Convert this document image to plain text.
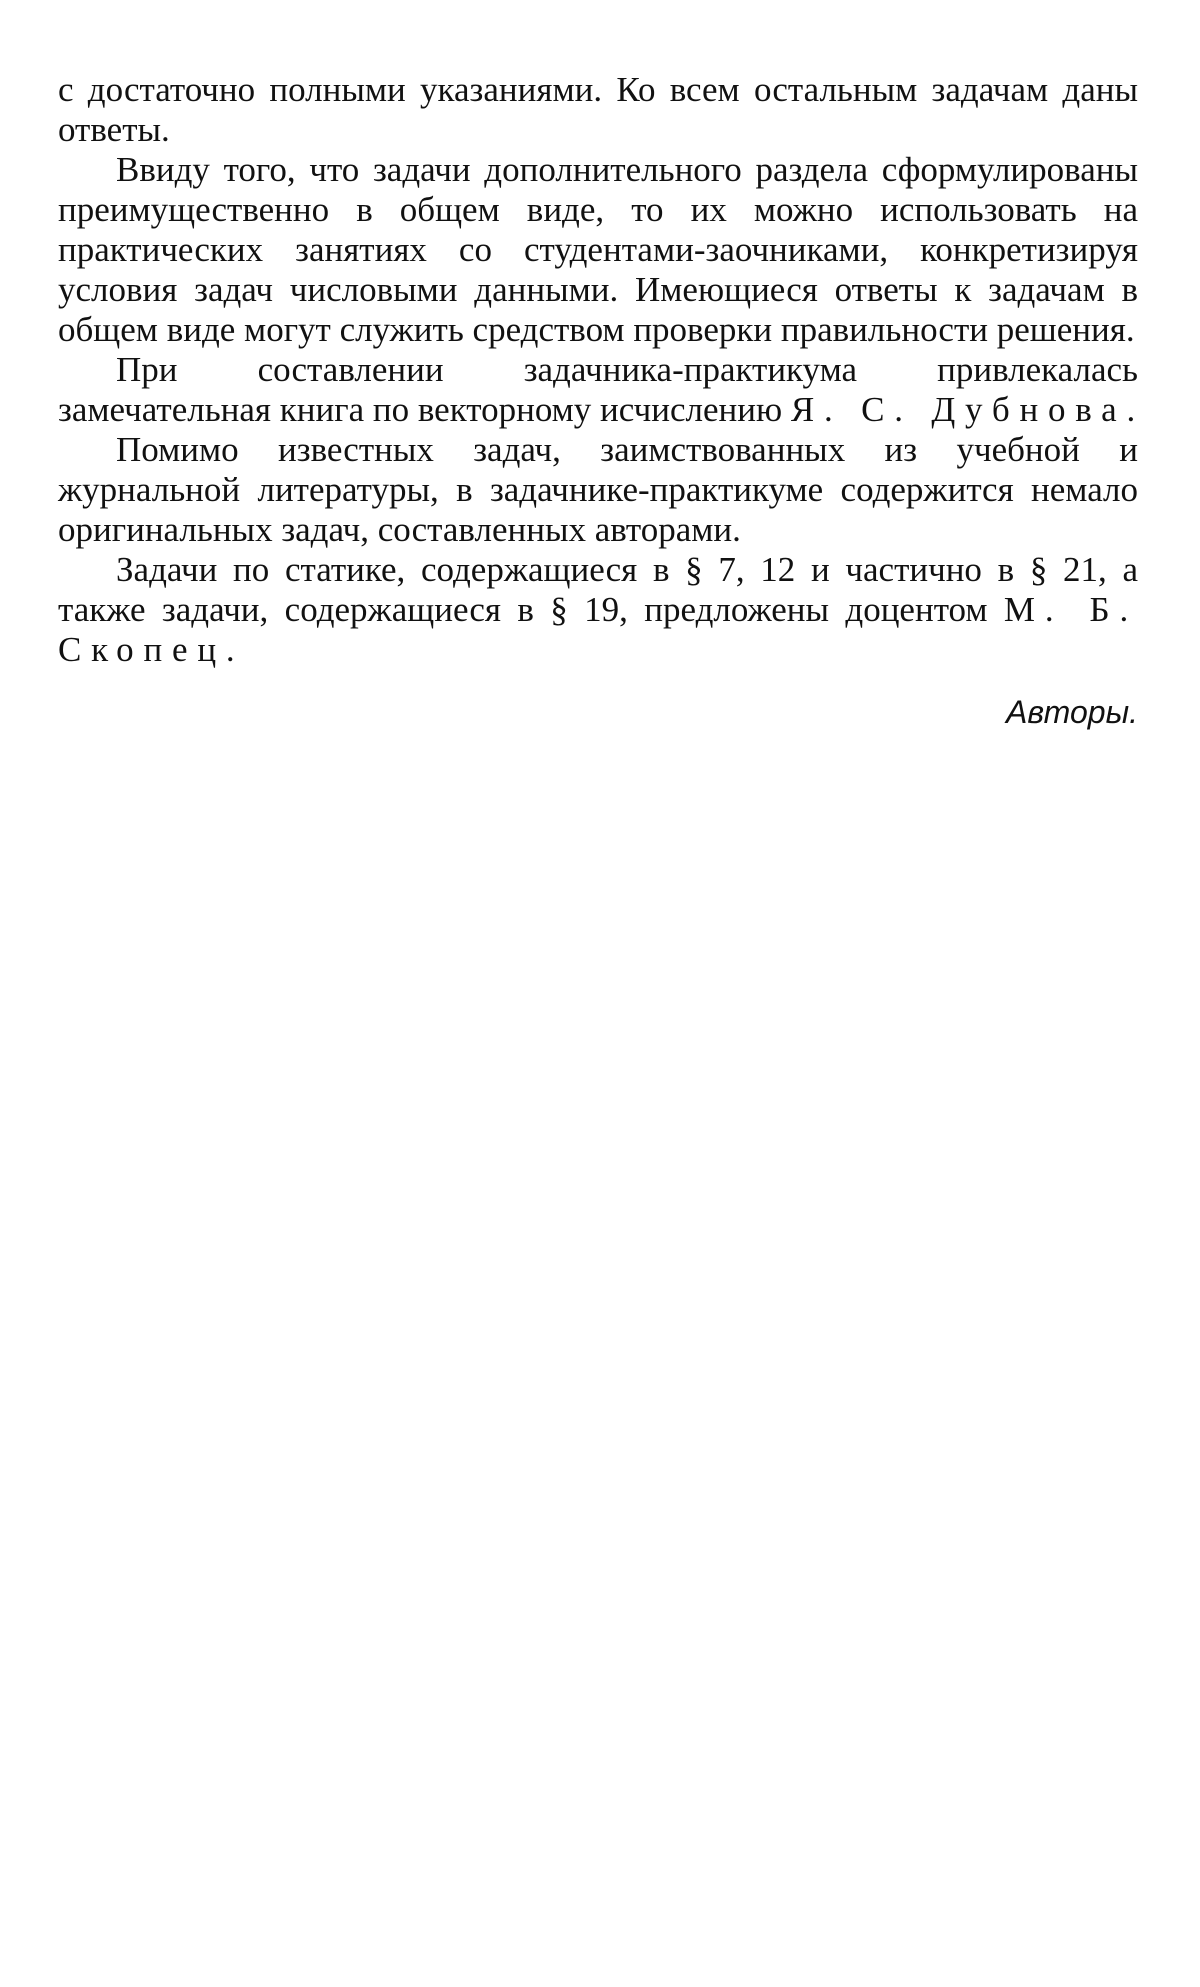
с достаточно полными указаниями. Ко всем остальным задачам даны ответы.

Ввиду того, что задачи дополнительного раздела сформулированы преимущественно в общем виде, то их можно использовать на практических занятиях со студентами-заочниками, конкретизируя условия задач числовыми данными. Имеющиеся ответы к задачам в общем виде могут служить средством проверки правильности решения.

При составлении задачника-практикума привлекалась замечательная книга по векторному исчислению Я. С. Дубнова.

Помимо известных задач, заимствованных из учебной и журнальной литературы, в задачнике-практикуме содержится немало оригинальных задач, составленных авторами.

Задачи по статике, содержащиеся в § 7, 12 и частично в § 21, а также задачи, содержащиеся в § 19, предложены доцентом М. Б. Скопец.

Авторы.
